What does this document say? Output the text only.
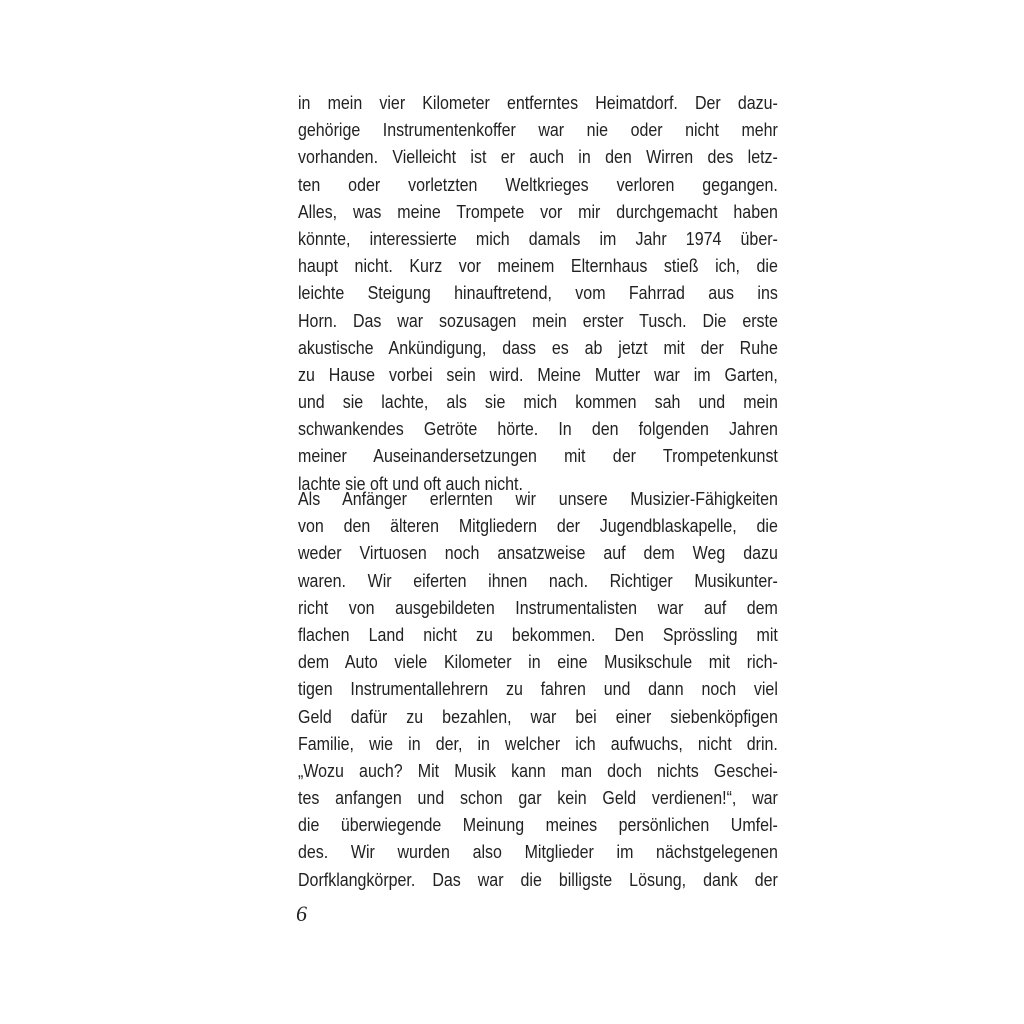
in mein vier Kilometer entferntes Heimatdorf. Der dazu-
gehörige Instrumentenkoffer war nie oder nicht mehr
vorhanden. Vielleicht ist er auch in den Wirren des letz-
ten oder vorletzten Weltkrieges verloren gegangen.
Alles, was meine Trompete vor mir durchgemacht haben
könnte, interessierte mich damals im Jahr 1974 über-
haupt nicht. Kurz vor meinem Elternhaus stieß ich, die
leichte Steigung hinauftretend, vom Fahrrad aus ins
Horn. Das war sozusagen mein erster Tusch. Die erste
akustische Ankündigung, dass es ab jetzt mit der Ruhe
zu Hause vorbei sein wird. Meine Mutter war im Garten,
und sie lachte, als sie mich kommen sah und mein
schwankendes Getröte hörte. In den folgenden Jahren
meiner Auseinandersetzungen mit der Trompetenkunst
lachte sie oft und oft auch nicht.
Als Anfänger erlernten wir unsere Musizier-Fähigkeiten
von den älteren Mitgliedern der Jugendblaskapelle, die
weder Virtuosen noch ansatzweise auf dem Weg dazu
waren. Wir eiferten ihnen nach. Richtiger Musikunter-
richt von ausgebildeten Instrumentalisten war auf dem
flachen Land nicht zu bekommen. Den Sprössling mit
dem Auto viele Kilometer in eine Musikschule mit rich-
tigen Instrumentallehrern zu fahren und dann noch viel
Geld dafür zu bezahlen, war bei einer siebenköpfigen
Familie, wie in der, in welcher ich aufwuchs, nicht drin.
„Wozu auch? Mit Musik kann man doch nichts Geschei-
tes anfangen und schon gar kein Geld verdienen!“, war
die überwiegende Meinung meines persönlichen Umfel-
des. Wir wurden also Mitglieder im nächstgelegenen
Dorfklangkörper. Das war die billigste Lösung, dank der
6
